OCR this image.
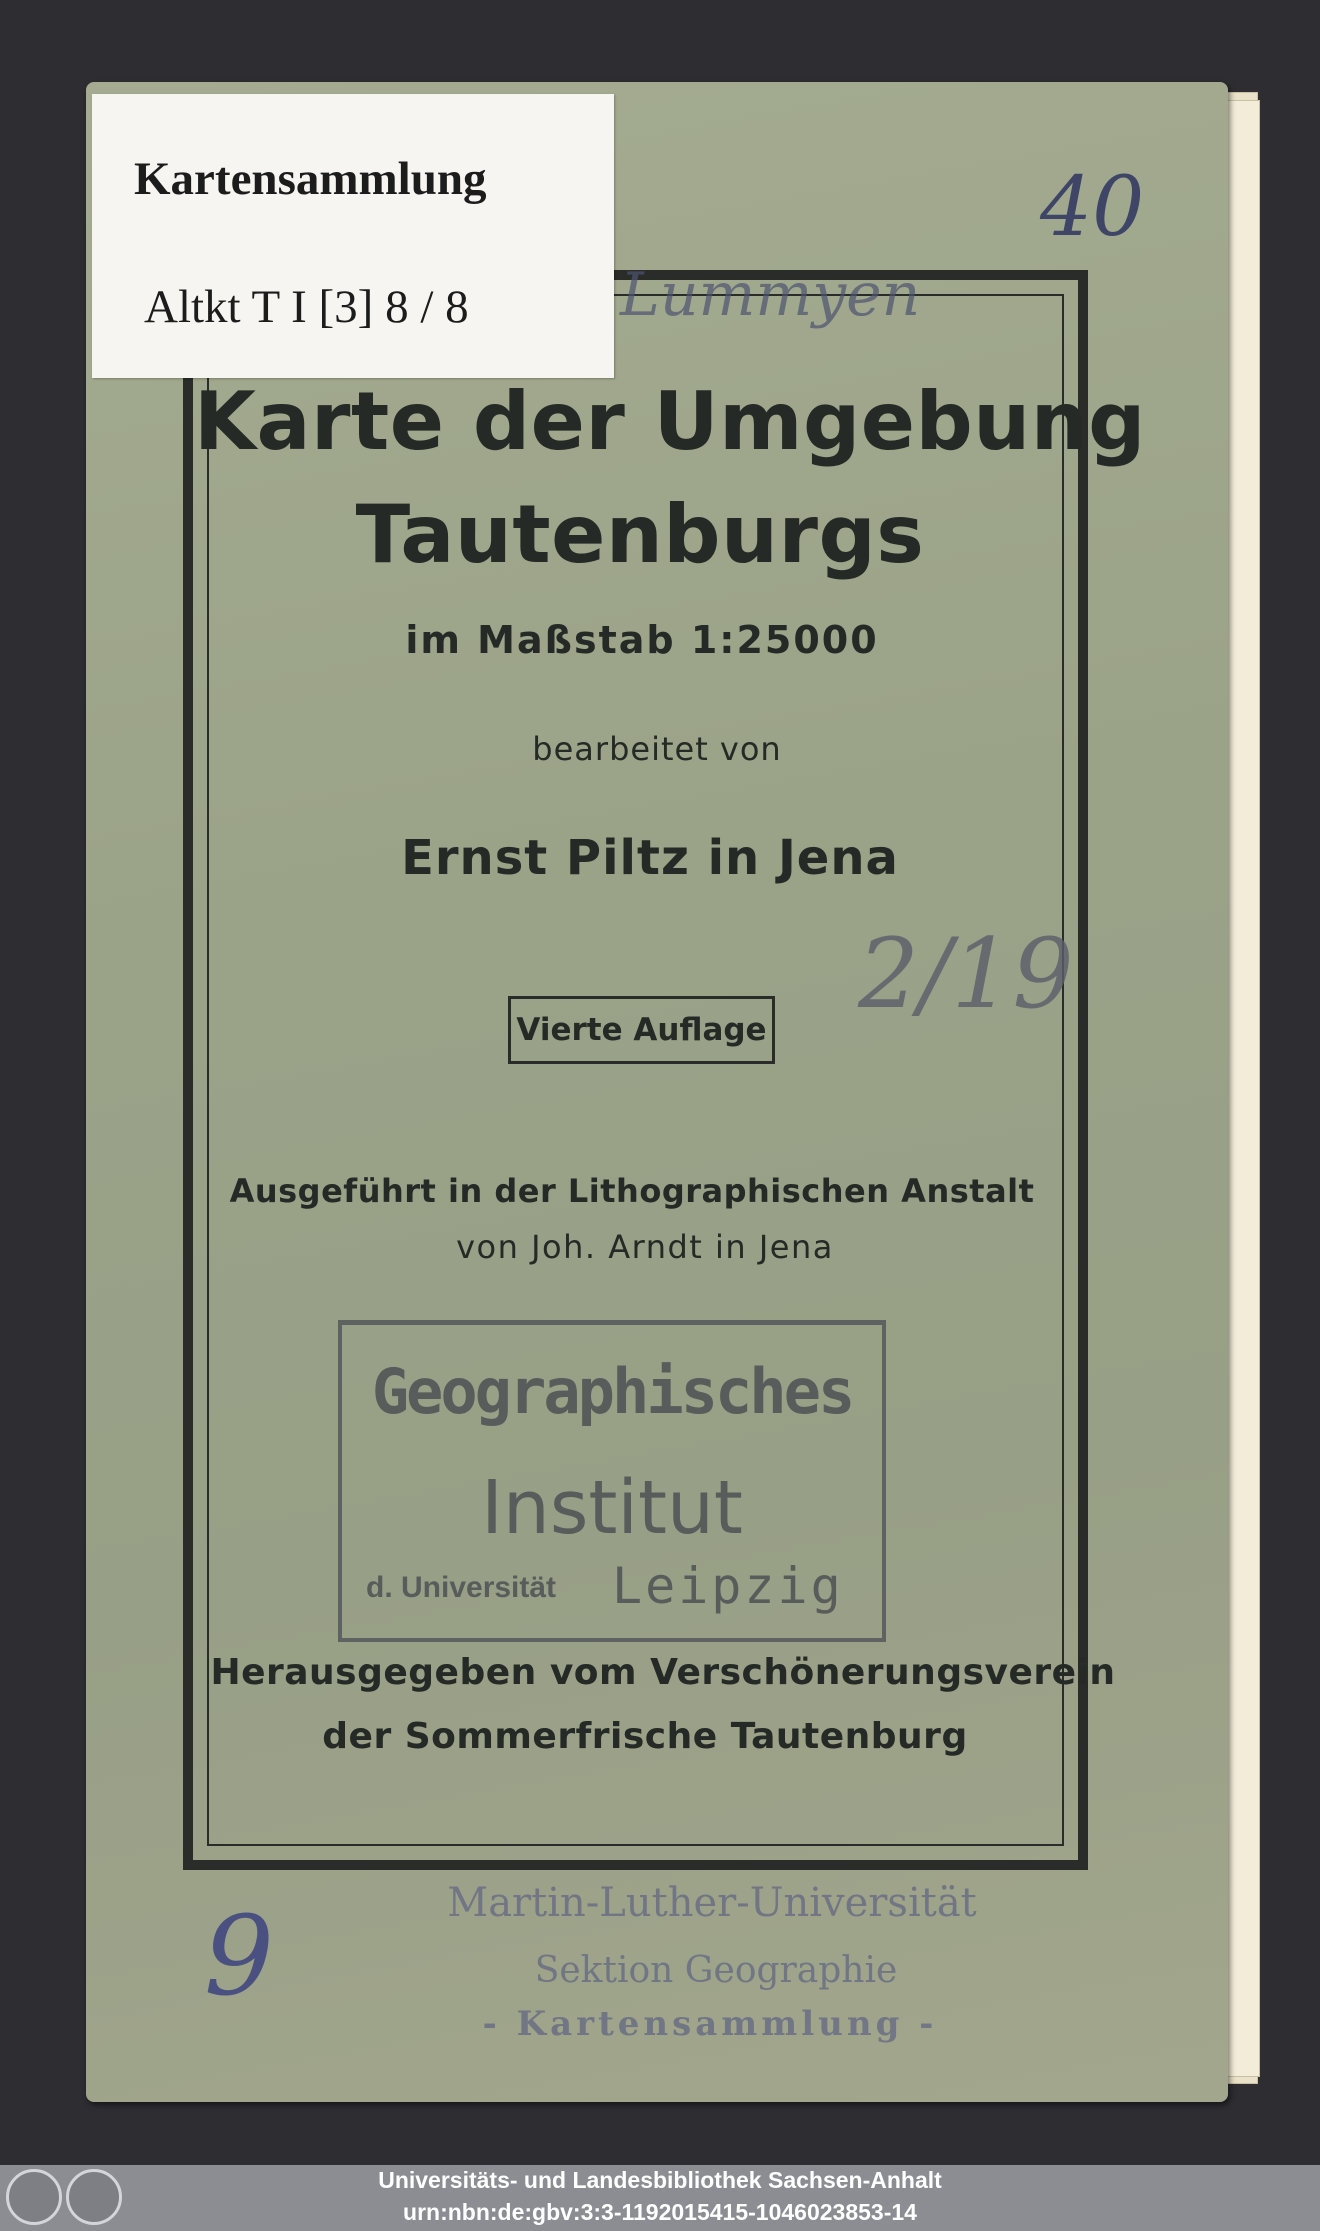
40
Lummyen
Kartensammlung
Altkt T I [3] 8 / 8
Karte der Umgebung
Tautenburgs
im Maßstab 1:25000
bearbeitet von
Ernst Piltz in Jena
Vierte Auflage 2/19
Ausgeführt in der Lithographischen Anstalt
von Joh. Arndt in Jena
Geographisches
Institut
d. Universität Leipzig
Herausgegeben vom Verschönerungsverein
der Sommerfrische Tautenburg
Martin-Luther-Universität
Sektion Geographie
- Kartensammlung -
9
Universitäts- und Landesbibliothek Sachsen-Anhalt
urn:nbn:de:gbv:3:3-1192015415-1046023853-14
